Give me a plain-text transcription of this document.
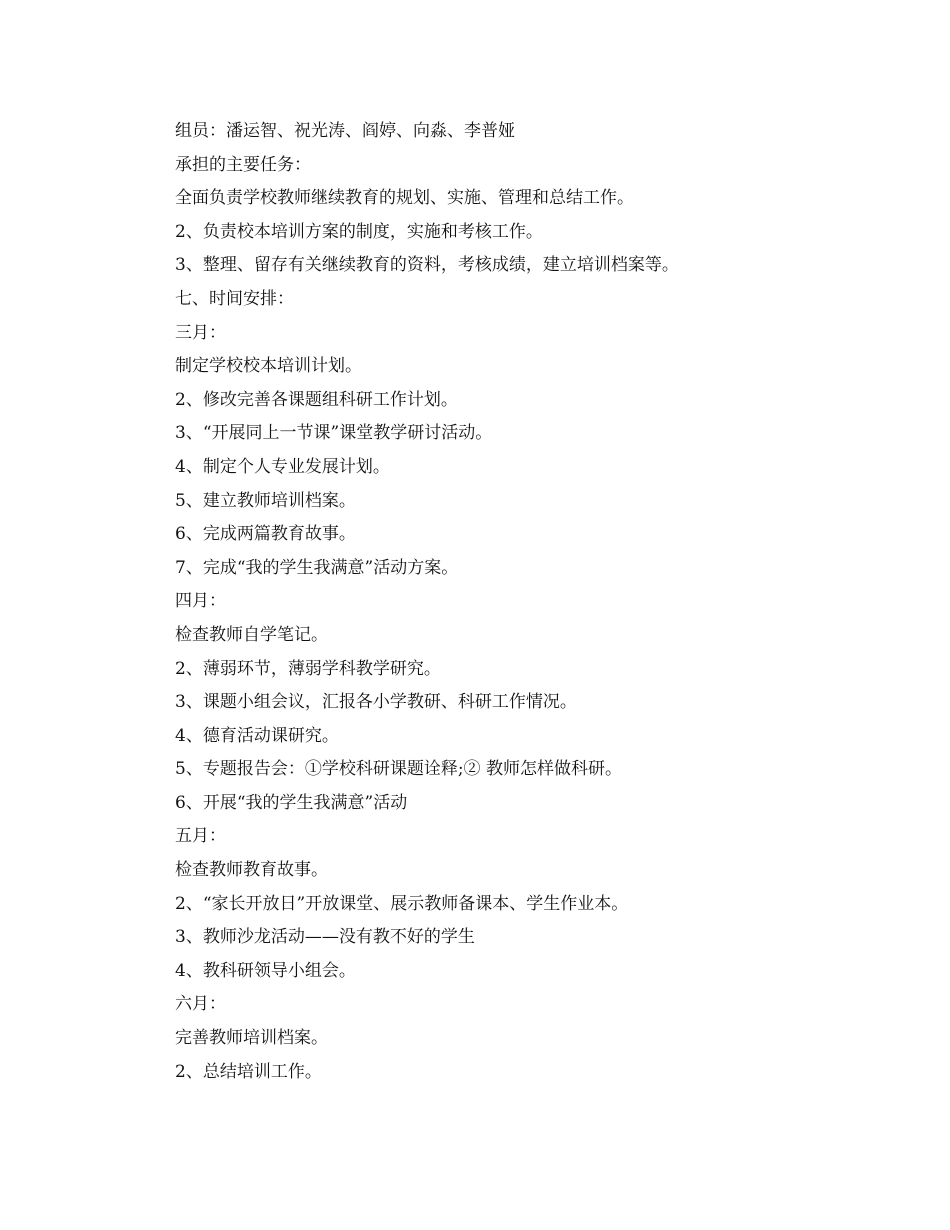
组员：潘运智、祝光涛、阎婷、向淼、李普娅

承担的主要任务：

全面负责学校教师继续教育的规划、实施、管理和总结工作。

2、负责校本培训方案的制度，实施和考核工作。

3、整理、留存有关继续教育的资料，考核成绩，建立培训档案等。

七、时间安排：

三月：

制定学校校本培训计划。

2、修改完善各课题组科研工作计划。

3、“开展同上一节课”课堂教学研讨活动。

4、制定个人专业发展计划。

5、建立教师培训档案。

6、完成两篇教育故事。

7、完成“我的学生我满意”活动方案。

四月：

检查教师自学笔记。

2、薄弱环节，薄弱学科教学研究。

3、课题小组会议，汇报各小学教研、科研工作情况。

4、德育活动课研究。

5、专题报告会：①学校科研课题诠释;② 教师怎样做科研。

6、开展“我的学生我满意”活动

五月：

检查教师教育故事。

2、“家长开放日”开放课堂、展示教师备课本、学生作业本。

3、教师沙龙活动——没有教不好的学生

4、教科研领导小组会。

六月：

完善教师培训档案。

2、总结培训工作。
